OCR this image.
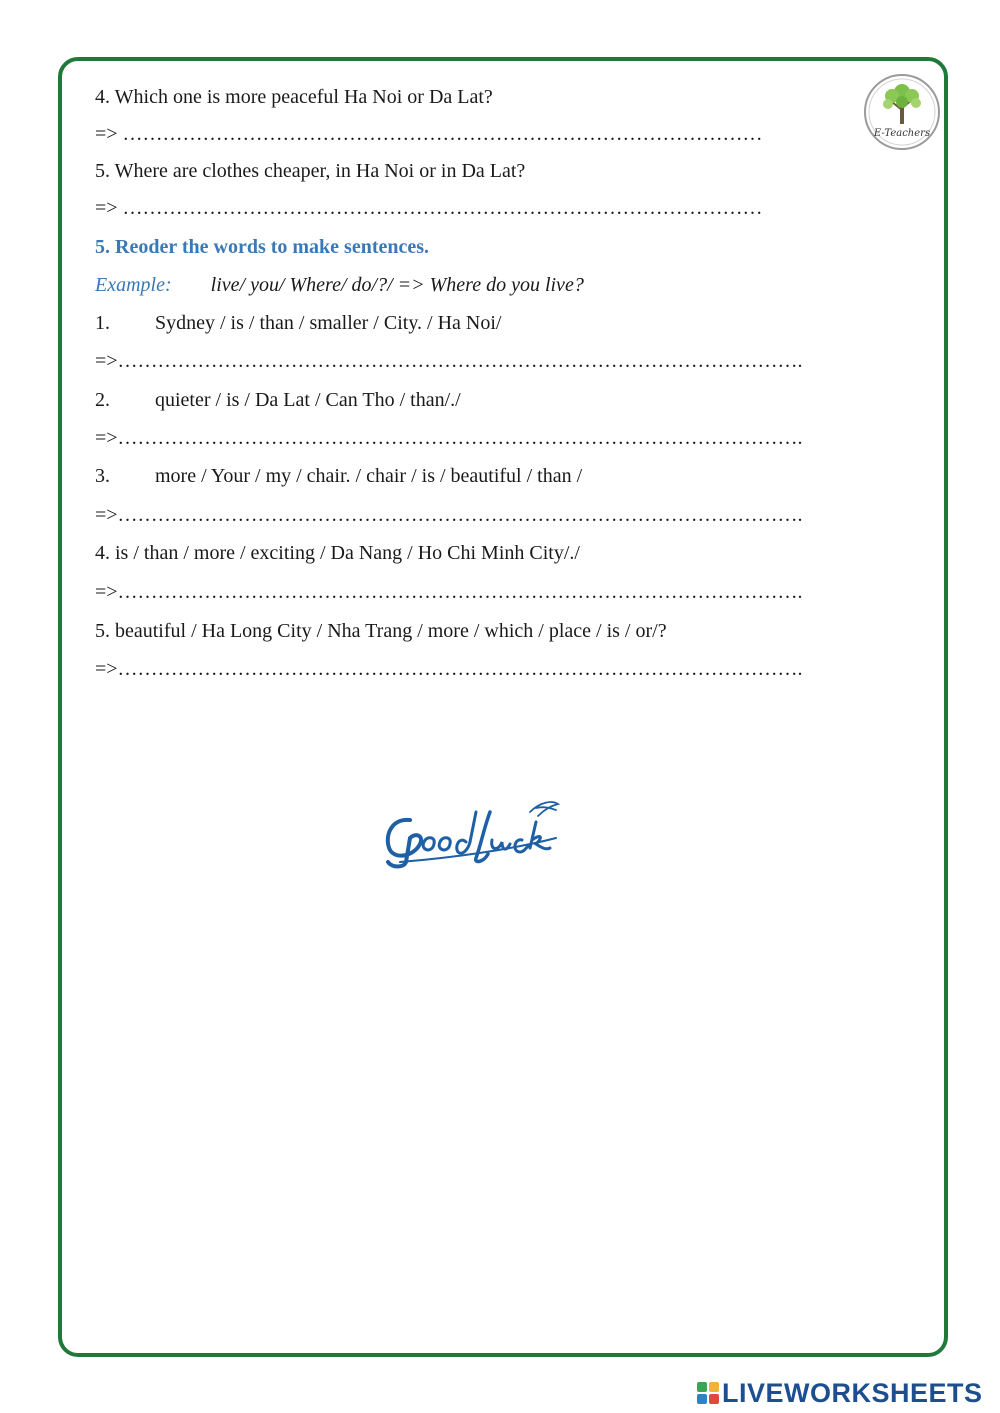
E-Teachers
4. Which one is more peaceful Ha Noi or Da Lat?
=> ……………………………………………………………………………………
5. Where are clothes cheaper, in Ha Noi or in Da Lat?
=> ……………………………………………………………………………………
5. Reoder the words to make sentences.
Example: live/ you/ Where/ do/?/ => Where do you live?
1. Sydney / is / than / smaller / City. / Ha Noi/
=>………………………………………………………………………………………….
2. quieter / is / Da Lat / Can Tho / than/./
=>………………………………………………………………………………………….
3. more / Your / my / chair. / chair / is / beautiful / than /
=>………………………………………………………………………………………….
4. is / than / more / exciting / Da Nang / Ho Chi Minh City/./
=>………………………………………………………………………………………….
5. beautiful / Ha Long City / Nha Trang / more / which / place / is / or/?
=>………………………………………………………………………………………….
LIVEWORKSHEETS
